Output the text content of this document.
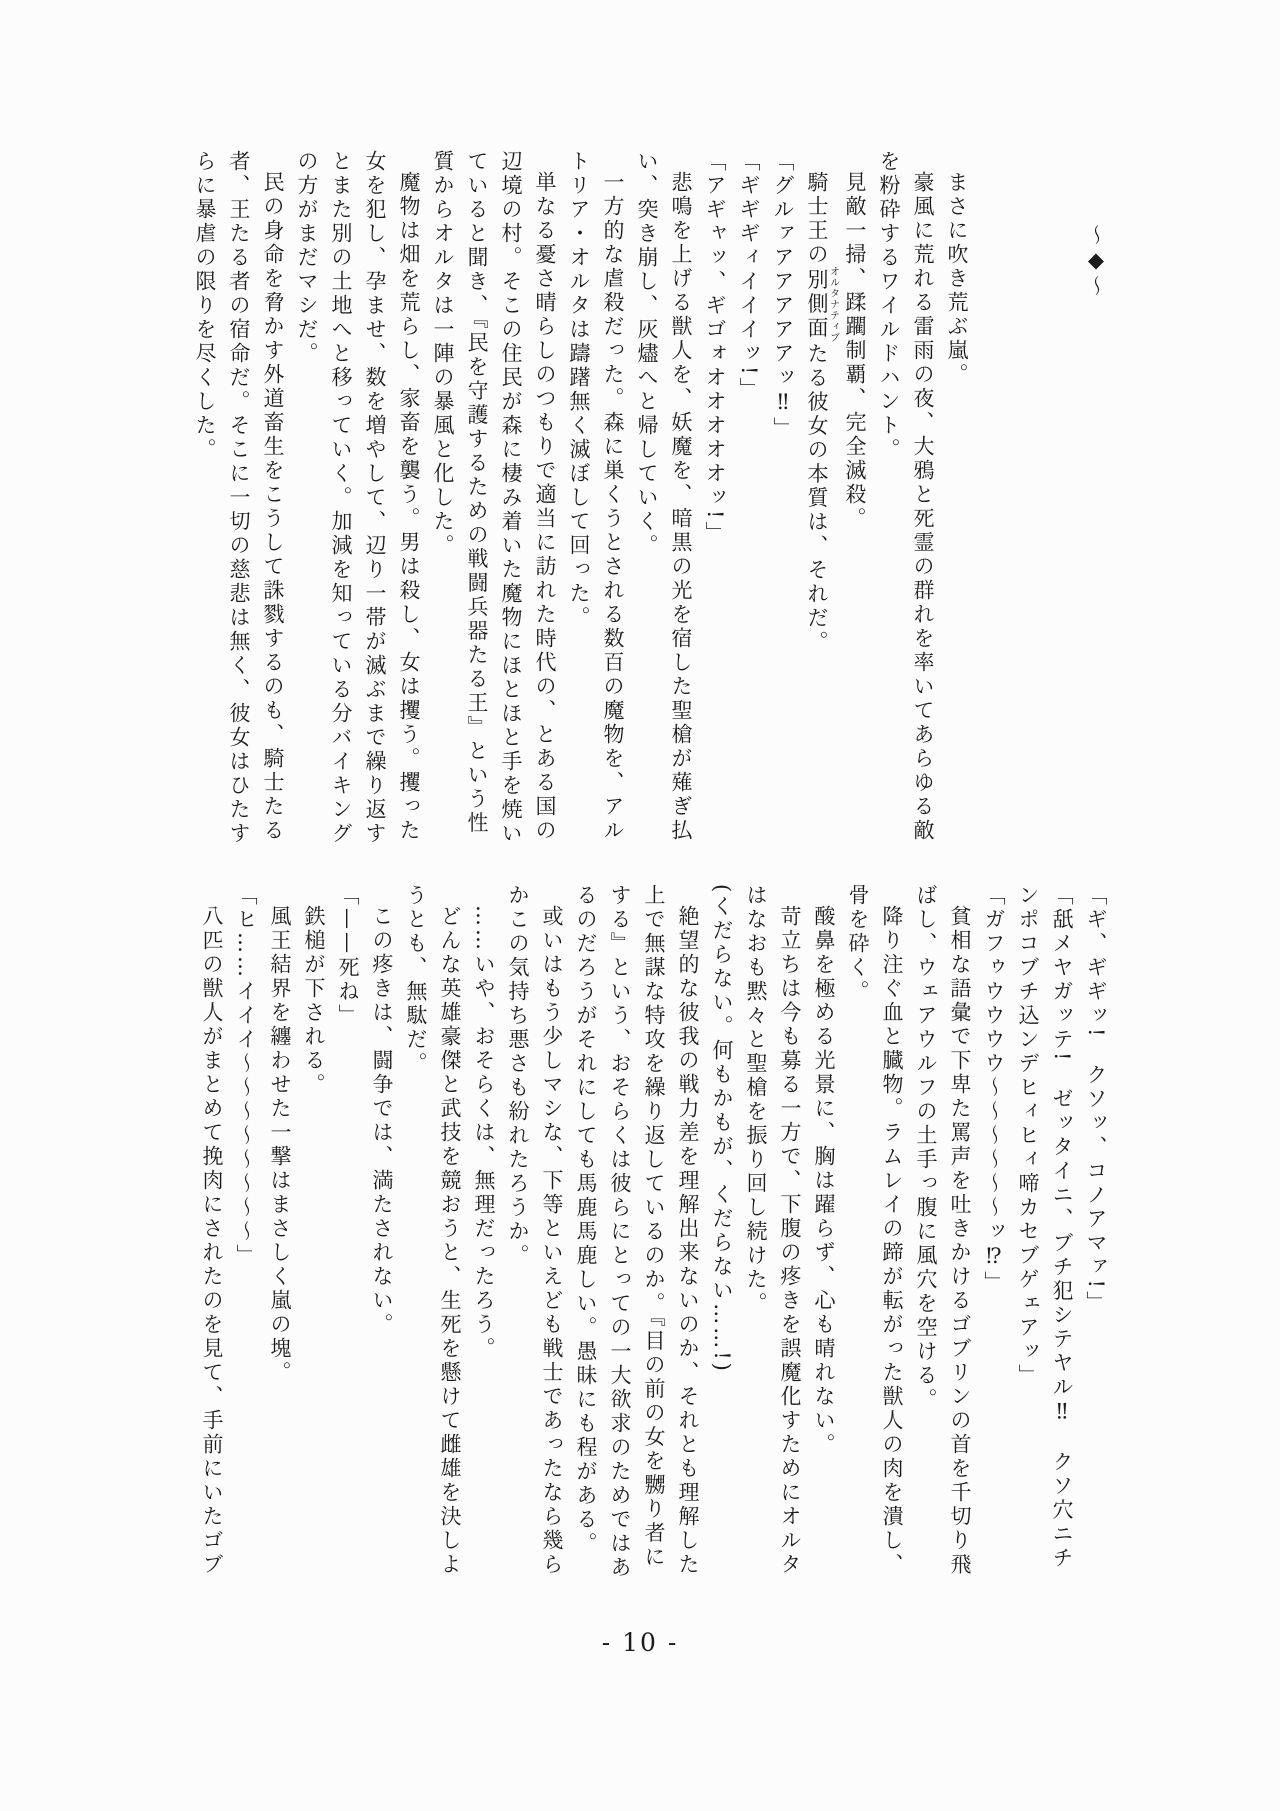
〜◆〜

まさに吹き荒ぶ嵐。

豪風に荒れる雷雨の夜、大鴉と死霊の群れを率いてあらゆる敵を粉砕するワイルドハント。

見敵一掃、蹂躙制覇、完全滅殺。

騎士王の別側面オルタナティブたる彼女の本質は、それだ。

「グルァアアアアアッ‼」

「ギギギィイイイッ!」

「アギャッ、ギゴォオオオオオッ!」

悲鳴を上げる獣人を、妖魔を、暗黒の光を宿した聖槍が薙ぎ払い、突き崩し、灰燼へと帰していく。

一方的な虐殺だった。森に巣くうとされる数百の魔物を、アルトリア・オルタは躊躇無く滅ぼして回った。

単なる憂さ晴らしのつもりで適当に訪れた時代の、とある国の辺境の村。そこの住民が森に棲み着いた魔物にほとほと手を焼いていると聞き、『民を守護するための戦闘兵器たる王』という性質からオルタは一陣の暴風と化した。

魔物は畑を荒らし、家畜を襲う。男は殺し、女は攫う。攫った女を犯し、孕ませ、数を増やして、辺り一帯が滅ぶまで繰り返すとまた別の土地へと移っていく。加減を知っている分バイキングの方がまだマシだ。

民の身命を脅かす外道畜生をこうして誅戮するのも、騎士たる者、王たる者の宿命だ。そこに一切の慈悲は無く、彼女はひたすらに暴虐の限りを尽くした。

「ギ、ギギッ!　クソッ、コノアマァ!」

「舐メヤガッテ!　ゼッタイニ、ブチ犯シテヤル‼　クソ穴ニチンポコブチ込ンデヒィヒィ啼カセブゲェアッ」

「ガフゥウウウウ〜〜〜〜〜〜ッ⁉」

貧相な語彙で下卑た罵声を吐きかけるゴブリンの首を千切り飛ばし、ウェアウルフの土手っ腹に風穴を空ける。

降り注ぐ血と臓物。ラムレイの蹄が転がった獣人の肉を潰し、骨を砕く。

酸鼻を極める光景に、胸は躍らず、心も晴れない。

苛立ちは今も募る一方で、下腹の疼きを誤魔化すためにオルタはなおも黙々と聖槍を振り回し続けた。

(くだらない。何もかもが、くだらない……!)

絶望的な彼我の戦力差を理解出来ないのか、それとも理解した上で無謀な特攻を繰り返しているのか。『目の前の女を嬲り者にする』という、おそらくは彼らにとっての一大欲求のためではあるのだろうがそれにしても馬鹿馬鹿しい。愚昧にも程がある。

或いはもう少しマシな、下等といえども戦士であったなら幾らかこの気持ち悪さも紛れたろうか。

……いや、おそらくは、無理だったろう。

どんな英雄豪傑と武技を競おうと、生死を懸けて雌雄を決しようとも、無駄だ。

この疼きは、闘争では、満たされない。

「——死ね」

鉄槌が下される。

風王結界を纏わせた一撃はまさしく嵐の塊。

「ヒ……イイイ〜〜〜〜〜〜〜〜」

八匹の獣人がまとめて挽肉にされたのを見て、手前にいたゴブ

- 10 -
